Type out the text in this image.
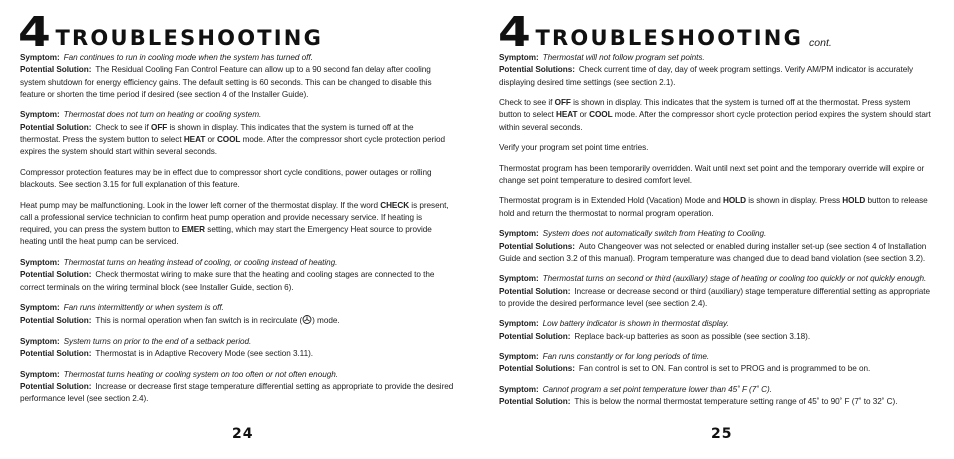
4 TROUBLESHOOTING

Symptom: Fan continues to run in cooling mode when the system has turned off.

Potential Solution: The Residual Cooling Fan Control Feature can allow up to a 90 second fan delay after cooling system shutdown for energy efficiency gains. The default setting is 60 seconds. This can be changed to disable this feature or shorten the time period if desired (see section 4 of the Installer Guide).

Symptom: Thermostat does not turn on heating or cooling system.

Potential Solution: Check to see if OFF is shown in display. This indicates that the system is turned off at the thermostat. Press the system button to select HEAT or COOL mode. After the compressor short cycle protection period expires the system should start within several seconds.

Compressor protection features may be in effect due to compressor short cycle conditions, power outages or rolling blackouts. See section 3.15 for full explanation of this feature.

Heat pump may be malfunctioning. Look in the lower left corner of the thermostat display. If the word CHECK is present, call a professional service technician to confirm heat pump operation and provide necessary service. If heating is required, you can press the system button to EMER setting, which may start the Emergency Heat source to provide heating until the heat pump can be serviced.

Symptom: Thermostat turns on heating instead of cooling, or cooling instead of heating.

Potential Solution: Check thermostat wiring to make sure that the heating and cooling stages are connected to the correct terminals on the wiring terminal block (see Installer Guide, section 6).

Symptom: Fan runs intermittently or when system is off.

Potential Solution: This is normal operation when fan switch is in recirculate ( ) mode.

Symptom: System turns on prior to the end of a setback period.

Potential Solution: Thermostat is in Adaptive Recovery Mode (see section 3.11).

Symptom: Thermostat turns heating or cooling system on too often or not often enough.

Potential Solution: Increase or decrease first stage temperature differential setting as appropriate to provide the desired performance level (see section 2.4).

24
4 TROUBLESHOOTING cont.

Symptom: Thermostat will not follow program set points.

Potential Solutions: Check current time of day, day of week program settings. Verify AM/PM indicator is accurately displaying desired time settings (see section 2.1).

Check to see if OFF is shown in display. This indicates that the system is turned off at the thermostat. Press system button to select HEAT or COOL mode. After the compressor short cycle protection period expires the system should start within several seconds.

Verify your program set point time entries.

Thermostat program has been temporarily overridden. Wait until next set point and the temporary override will expire or change set point temperature to desired comfort level.

Thermostat program is in Extended Hold (Vacation) Mode and HOLD is shown in display. Press HOLD button to release hold and return the thermostat to normal program operation.

Symptom: System does not automatically switch from Heating to Cooling.

Potential Solutions: Auto Changeover was not selected or enabled during installer set-up (see section 4 of Installation Guide and section 3.2 of this manual). Program temperature was changed due to dead band violation (see section 3.2).

Symptom: Thermostat turns on second or third (auxiliary) stage of heating or cooling too quickly or not quickly enough.

Potential Solution: Increase or decrease second or third (auxiliary) stage temperature differential setting as appropriate to provide the desired performance level (see section 2.4).

Symptom: Low battery indicator is shown in thermostat display.

Potential Solution: Replace back-up batteries as soon as possible (see section 3.18).

Symptom: Fan runs constantly or for long periods of time.

Potential Solutions: Fan control is set to ON. Fan control is set to PROG and is programmed to be on.

Symptom: Cannot program a set point temperature lower than 45˚ F (7˚ C).

Potential Solution: This is below the normal thermostat temperature setting range of 45˚ to 90˚ F (7˚ to 32˚ C).

25
